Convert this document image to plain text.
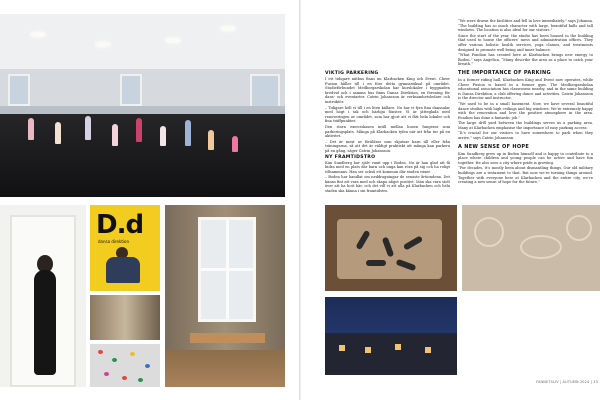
D.d
dansa direktion
VIKTIG PARKERING

I ett tidigare nätbus finns nu Klarbacken King och Event. Cheer Fusion håller till i en före detta gymnastiksal på området. Studieförbundet Medborgarskolan har kurslokaler i byggnaden bredvid och i samma hus finns Dansa Direktion, en förening för dans- och eventarter. Catrin Johansson är verksamhetsledare och instruktör.

– Tidigare höll vi till i en liten källare. Nu har vi fyra fina danssalar med högt i tak och härliga fönster. Vi är jätteglada med renoveringen av området, som har gjort att vi fått hela lokaler och fina träffpunkter.

Den stora exerciskasen intill mellan husen fungerar som parkeringsplats. Många på Klarbacken tyfen när att från tur på en aktivitet.

– Det är mest av föräldrar som skjutsar barn till eller från träningarna, så att det är väldigt praktiskt att många kan parkera på en gång, säger Catrin Johansson.

NY FRAMTIDSTRO

Kim Sundberg har själv vuxit upp i Boden. Nu är han glad att få bidra med en plats där barn och unga kan röra på sig och ha roligt tillsammans. Han ser också ett kommun där staden växer.

– Boden har handlat om neddragningar de senaste årtiondena. Det känns fint att vara med och skapa något positivt. Man ska vara stolt över att ha bott här, och det vill vi att alla på Klarbacken och hela staden ska känna i sin framtidstro.

“We were drawn the facilities and fell in love immediately,” says Johanna. “The building has so much character with large, beautiful halls and tall windows. The location is also ideal for our visitors.”

Since the start of the year, the studio has been housed in the building that used to house the officers’ mess and administration offices. They offer various holistic health services, yoga classes, and treatments designed to promote well-being and inner balance.

“What Fondion has created here at Klarbacken brings new energy to Boden,” says Angelica. “Many describe the area as a place to catch your breath.”

THE IMPORTANCE OF PARKING

In a former riding hall, Klarbacken King and Event now operates, while Cheer Fusion is based in a former gym. The Medborgarskolan educational association has classrooms nearby, and in the same building is Dansa Direktion, a club offering dance and activities. Catrin Johansson is the director and instructor.

“We used to be in a small basement. Now, we have several beautiful dance studios with high ceilings and big windows. We’re extremely happy with the renovation and love the positive atmosphere in the area. Fondion has done a fantastic job.”

The large drill yard between the buildings serves as a parking area. Many at Klarbacken emphasise the importance of easy parking access.

“It’s crucial for our visitors to have somewhere to park when they arrive,” says Catrin Johansson.

A NEW SENSE OF HOPE

Kim Sundberg grew up in Boden himself and is happy to contribute to a place where children and young people can be active and have fun together. He also sees a city where pride is growing.

“For decades, it’s mostly been about dismantling things. Our old military buildings are a testament to that. But now we’re turning things around. Together with everyone here at Klarbacken and the entire city, we’re creating a new sense of hope for the future.”

FANNETSLIV | AUTUMN 2024 | 33
